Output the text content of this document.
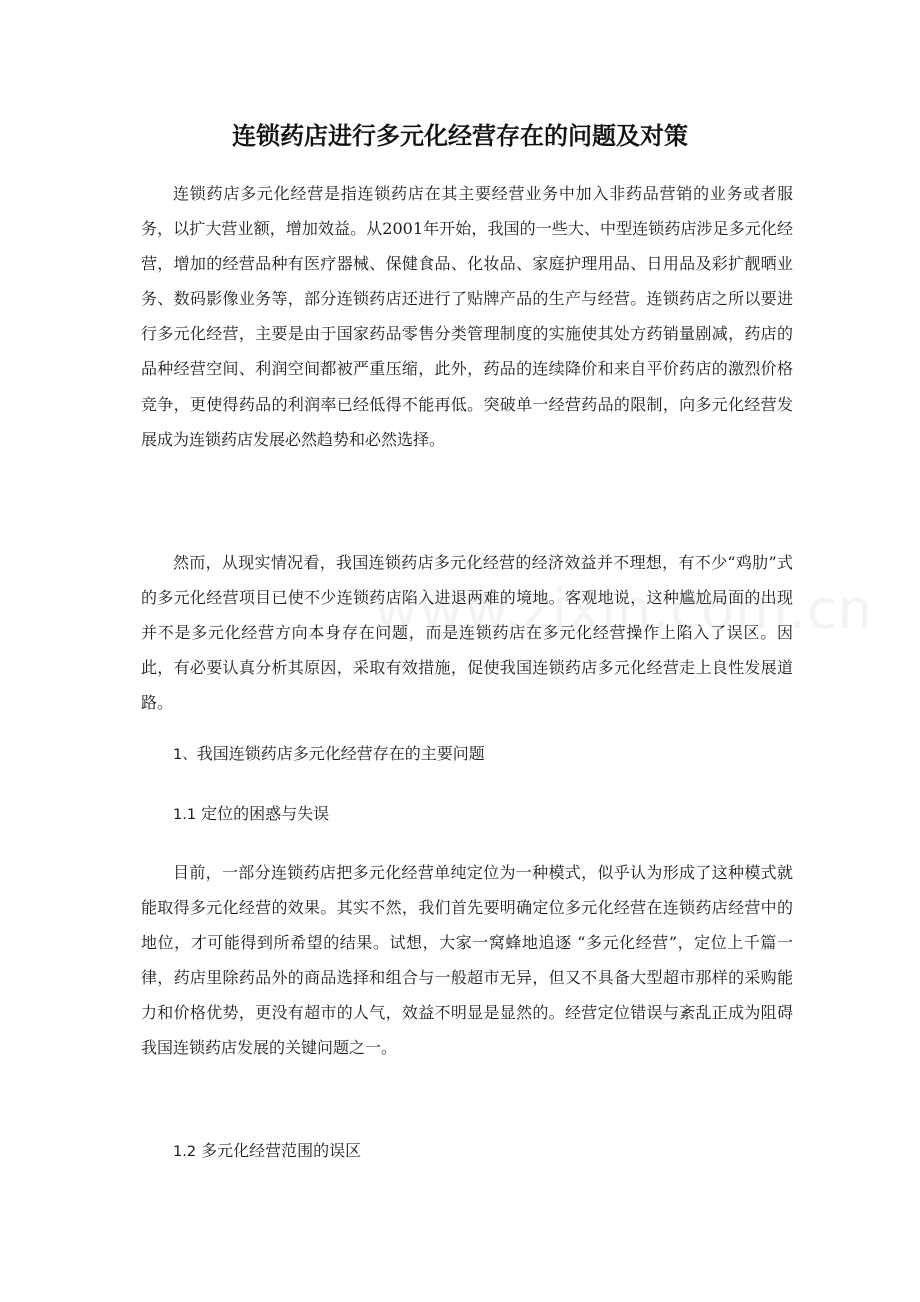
连锁药店进行多元化经营存在的问题及对策

连锁药店多元化经营是指连锁药店在其主要经营业务中加入非药品营销的业务或者服务，以扩大营业额，增加效益。从2001年开始，我国的一些大、中型连锁药店涉足多元化经营，增加的经营品种有医疗器械、保健食品、化妆品、家庭护理用品、日用品及彩扩靓晒业务、数码影像业务等，部分连锁药店还进行了贴牌产品的生产与经营。连锁药店之所以要进行多元化经营，主要是由于国家药品零售分类管理制度的实施使其处方药销量剧减，药店的品种经营空间、利润空间都被严重压缩，此外，药品的连续降价和来自平价药店的激烈价格竞争，更使得药品的利润率已经低得不能再低。突破单一经营药品的限制，向多元化经营发展成为连锁药店发展必然趋势和必然选择。

然而，从现实情况看，我国连锁药店多元化经营的经济效益并不理想，有不少“鸡肋”式的多元化经营项目已使不少连锁药店陷入进退两难的境地。客观地说，这种尴尬局面的出现并不是多元化经营方向本身存在问题，而是连锁药店在多元化经营操作上陷入了误区。因此，有必要认真分析其原因，采取有效措施，促使我国连锁药店多元化经营走上良性发展道路。

1、我国连锁药店多元化经营存在的主要问题
1.1 定位的困惑与失误

目前，一部分连锁药店把多元化经营单纯定位为一种模式，似乎认为形成了这种模式就能取得多元化经营的效果。其实不然，我们首先要明确定位多元化经营在连锁药店经营中的地位，才可能得到所希望的结果。试想，大家一窝蜂地追逐 “多元化经营”，定位上千篇一律，药店里除药品外的商品选择和组合与一般超市无异，但又不具备大型超市那样的采购能力和价格优势，更没有超市的人气，效益不明显是显然的。经营定位错误与紊乱正成为阻碍我国连锁药店发展的关键问题之一。

1.2 多元化经营范围的误区
